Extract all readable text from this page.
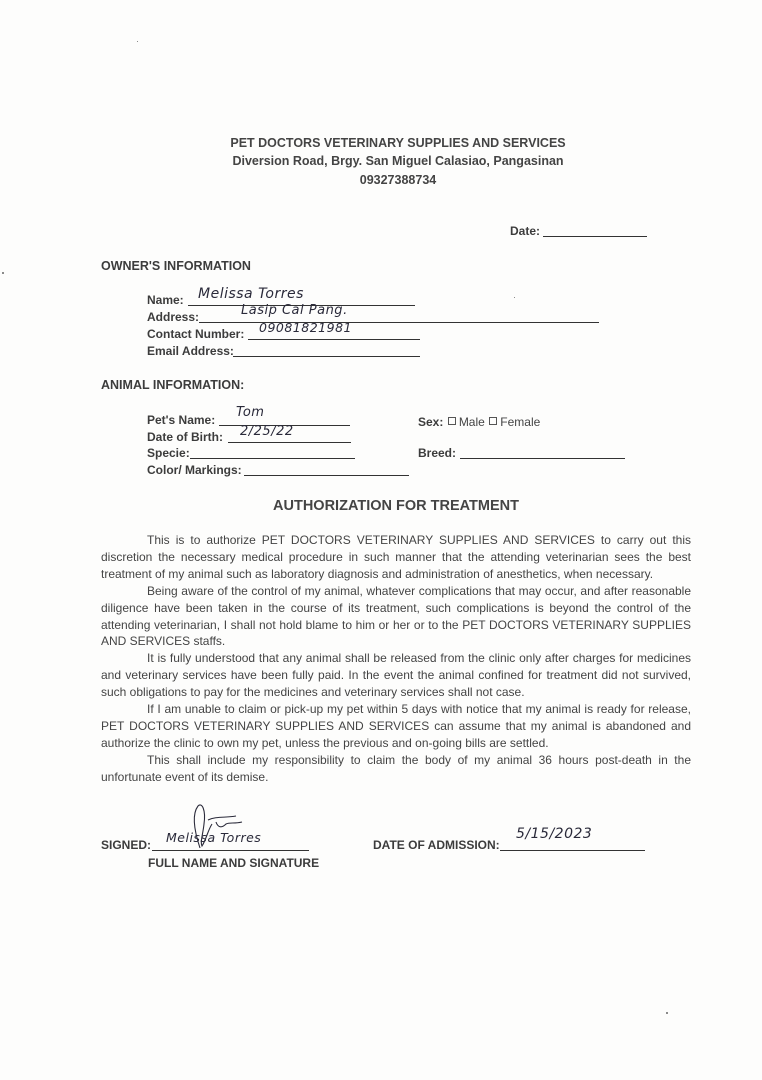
PET DOCTORS VETERINARY SUPPLIES AND SERVICES
Diversion Road, Brgy. San Miguel Calasiao, Pangasinan
09327388734
Date:
OWNER'S INFORMATION
Name: Melissa Torres
Address:	Lasip Cal Pang.
Contact Number: 09081821981
Email Address:
ANIMAL INFORMATION:
Pet's Name: Tom
Date of Birth: 2/25/22
Specie:
Color/ Markings:
Sex: Male Female
Breed:
AUTHORIZATION FOR TREATMENT

This is to authorize PET DOCTORS VETERINARY SUPPLIES AND SERVICES to carry out this discretion the necessary medical procedure in such manner that the attending veterinarian sees the best treatment of my animal such as laboratory diagnosis and administration of anesthetics, when necessary.

Being aware of the control of my animal, whatever complications that may occur, and after reasonable diligence have been taken in the course of its treatment, such complications is beyond the control of the attending veterinarian, I shall not hold blame to him or her or to the PET DOCTORS VETERINARY SUPPLIES AND SERVICES staffs.

It is fully understood that any animal shall be released from the clinic only after charges for medicines and veterinary services have been fully paid. In the event the animal confined for treatment did not survived, such obligations to pay for the medicines and veterinary services shall not case.

If I am unable to claim or pick-up my pet within 5 days with notice that my animal is ready for release, PET DOCTORS VETERINARY SUPPLIES AND SERVICES can assume that my animal is abandoned and authorize the clinic to own my pet, unless the previous and on-going bills are settled.

This shall include my responsibility to claim the body of my animal 36 hours post-death in the unfortunate event of its demise.

SIGNED: Melissa Torres
FULL NAME AND SIGNATURE
DATE OF ADMISSION:
5/15/2023
